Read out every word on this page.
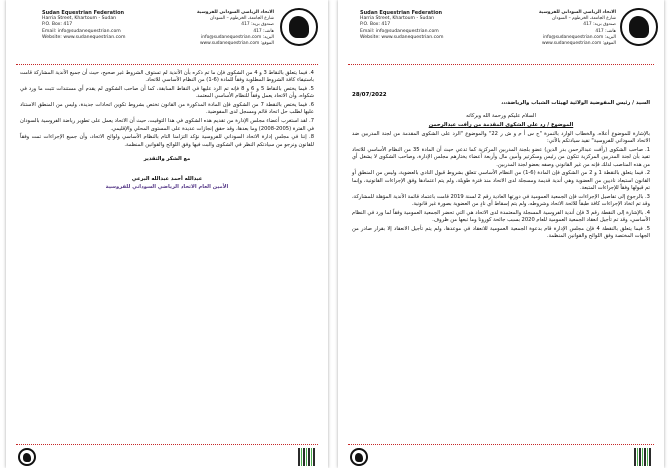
Sudan Equestrian Federation
Harria Street, Khartoum - Sudan
P.O. Box: 417
Email: info@sudanequestrian.com
Website: www.sudanequestrian.com
الاتحاد الرياضي السوداني للفروسية
شارع الجامعة، الخرطوم – السودان
صندوق بريد: 417
هاتف: 417
البريد: info@sudanequestrian.com
الموقع: www.sudanequestrian.com

4. فيما يتعلق بالنقاط 3 و 4 من الشكوى فإن ما تم ذكره بأن الأندية لم تستوف الشروط غير صحيح، حيث أن جميع الأندية المشاركة قامت باستيفاء كافة الشروط المطلوبة وفقاً للمادة (6-1) من النظام الأساسي للاتحاد.

5. فيما يختص بالنقاط 5 و 6 و 8 فإنه تم الرد عليها في النقاط السابقة، كما أن صاحب الشكوى لم يقدم أي مستندات تثبت ما ورد في شكواه، وأن الاتحاد يعمل وفقاً للنظام الأساسي المعتمد.

6. فيما يختص بالنقطة 7 من الشكوى فإن المادة المذكورة من القانون تختص بشروط تكوين اتحادات جديدة، وليس من المنطق الاستناد عليها لطلب حل اتحاد قائم ومسجل لدى المفوضية.

7. لقد استغرب أعضاء مجلس الإدارة من تقديم هذه الشكوى في هذا التوقيت، حيث أن الاتحاد يعمل على تطوير رياضة الفروسية بالسودان في الفترة (2005-2008) وما بعدها، وقد حقق إنجازات عديدة على المستوى المحلي والإقليمي.

8. إننا في مجلس إدارة الاتحاد السوداني للفروسية نؤكد التزامنا التام بالنظام الأساسي ولوائح الاتحاد، وأن جميع الإجراءات تمت وفقاً للقانون ونرجو من سيادتكم النظر في الشكوى والبت فيها وفق اللوائح والقوانين المنظمة.

مع الشكر والتقدير
عبدالله أحمد عبدالله البرعي
الأمين العام الاتحاد الرياضي السوداني للفروسية
Sudan Equestrian Federation
Harria Street, Khartoum - Sudan
P.O. Box: 417
Email: info@sudanequestrian.com
Website: www.sudanequestrian.com
الاتحاد الرياضي السوداني للفروسية
شارع الجامعة، الخرطوم – السودان
صندوق بريد: 417
هاتف: 417
البريد: info@sudanequestrian.com
الموقع: www.sudanequestrian.com
28/07/2022

السيد / رئيس المفوضية الولائية لهيئات الشباب والرياضة،،،

السلام عليكم ورحمة الله وبركاته

الموضوع / رد على الشكوى المقدمة من رأفت عبدالرحمن

بالإشارة للموضوع أعلاه، والخطاب الوارد بالنمرة "ج س أ م و ش ر 22" والموضوع "الرد على الشكوى المقدمة من لجنة المدربين ضد الاتحاد السوداني للفروسية" نفيد سيادتكم بالآتي:

1. صاحب الشكوى (رأفت عبدالرحمن بدر الدين) عضو بلجنة المدربين المركزية كما تدعي حيث أن المادة 35 من النظام الأساسي للاتحاد تفيد بأن لجنة المدربين المركزية تتكون من رئيس وسكرتير وأمين مال وأربعة أعضاء يختارهم مجلس الإدارة، وصاحب الشكوى لا يشغل أي من هذه المناصب لذلك فإنه من غير القانوني وصفه بعضو لجنة المدربين.

2. فيما يتعلق بالنقطة 1 و 2 من الشكوى فإن المادة (6-1) من النظام الأساسي تتعلق بشروط قبول النادي بالعضوية، وليس من المنطق أو القانون استبعاد ناديين من العضوية وهي أندية قديمة ومسجلة لدى الاتحاد منذ فترة طويلة، ولم يتم اعتمادها وفق الإجراءات القانونية، وإنما تم قبولها وفقاً للإجراءات المتبعة.

3. بالرجوع إلى تفاصيل الإجراءات فإن الجمعية العمومية في دورتها العادية رقم 2 لسنة 2019 قامت باعتماد قائمة الأندية المؤهلة للمشاركة، وقد تم اتخاذ الإجراءات كافة طبقاً للائحة الاتحاد وشروطه، ولم يتم إسقاط أي نادٍ من العضوية بصورة غير قانونية.

4. بالإشارة إلى النقطة رقم 3 فإن أندية الفروسية المسجلة والمعتمدة لدى الاتحاد هي التي تحضر الجمعية العمومية وفقاً لما ورد في النظام الأساسي، وقد تم تأجيل انعقاد الجمعية العمومية للعام 2020 بسبب جائحة كورونا وما تبعها من ظروف.

5. فيما يتعلق بالنقطة 4 فإن مجلس الإدارة قام بدعوة الجمعية العمومية للانعقاد في موعدها، ولم يتم تأجيل الانعقاد إلا بقرار صادر من الجهات المختصة وفق اللوائح والقوانين المنظمة.
